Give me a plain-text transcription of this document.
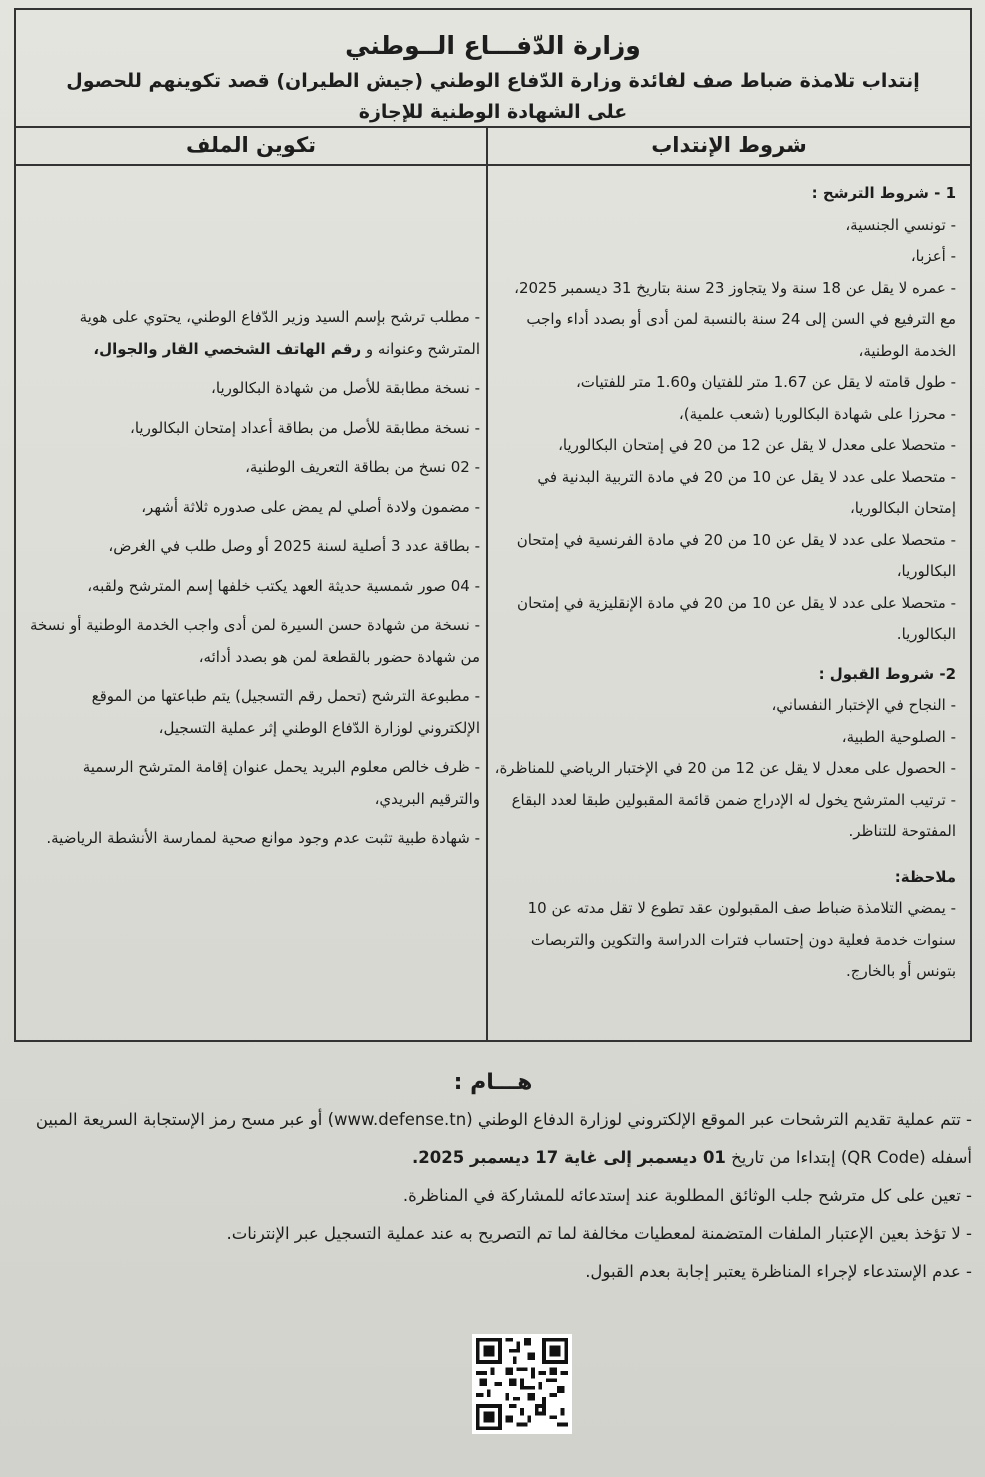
وزارة الدّفـــاع الــوطني
إنتداب تلامذة ضباط صف لفائدة وزارة الدّفاع الوطني (جيش الطيران) قصد تكوينهم للحصول على الشهادة الوطنية للإجازة
شروط الإنتداب
تكوين الملف

1 - شروط الترشح :

- تونسي الجنسية،

- أعزبا،

- عمره لا يقل عن 18 سنة ولا يتجاوز 23 سنة بتاريخ 31 ديسمبر 2025، مع الترفيع في السن إلى 24 سنة بالنسبة لمن أدى أو بصدد أداء واجب الخدمة الوطنية،

- طول قامته لا يقل عن 1.67 متر للفتيان و1.60 متر للفتيات،

- محرزا على شهادة البكالوريا (شعب علمية)،

- متحصلا على معدل لا يقل عن 12 من 20 في إمتحان البكالوريا،

- متحصلا على عدد لا يقل عن 10 من 20 في مادة التربية البدنية في إمتحان البكالوريا،

- متحصلا على عدد لا يقل عن 10 من 20 في مادة الفرنسية في إمتحان البكالوريا،

- متحصلا على عدد لا يقل عن 10 من 20 في مادة الإنقليزية في إمتحان البكالوريا.

2- شروط القبول :

- النجاح في الإختبار النفساني،

- الصلوحية الطبية،

- الحصول على معدل لا يقل عن 12 من 20 في الإختبار الرياضي للمناظرة،

- ترتيب المترشح يخول له الإدراج ضمن قائمة المقبولين طبقا لعدد البقاع المفتوحة للتناظر.

ملاحظة:

- يمضي التلامذة ضباط صف المقبولون عقد تطوع لا تقل مدته عن 10 سنوات خدمة فعلية دون إحتساب فترات الدراسة والتكوين والتربصات بتونس أو بالخارج.

- مطلب ترشح بإسم السيد وزير الدّفاع الوطني، يحتوي على هوية المترشح وعنوانه و رقم الهاتف الشخصي القار والجوال،

- نسخة مطابقة للأصل من شهادة البكالوريا،

- نسخة مطابقة للأصل من بطاقة أعداد إمتحان البكالوريا،

- 02 نسخ من بطاقة التعريف الوطنية،

- مضمون ولادة أصلي لم يمض على صدوره ثلاثة أشهر،

- بطاقة عدد 3 أصلية لسنة 2025 أو وصل طلب في الغرض،

- 04 صور شمسية حديثة العهد يكتب خلفها إسم المترشح ولقبه،

- نسخة من شهادة حسن السيرة لمن أدى واجب الخدمة الوطنية أو نسخة من شهادة حضور بالقطعة لمن هو بصدد أدائه،

- مطبوعة الترشح (تحمل رقم التسجيل) يتم طباعتها من الموقع الإلكتروني لوزارة الدّفاع الوطني إثر عملية التسجيل،

- ظرف خالص معلوم البريد يحمل عنوان إقامة المترشح الرسمية والترقيم البريدي،

- شهادة طبية تثبت عدم وجود موانع صحية لممارسة الأنشطة الرياضية.

هـــام :

- تتم عملية تقديم الترشحات عبر الموقع الإلكتروني لوزارة الدفاع الوطني (www.defense.tn) أو عبر مسح رمز الإستجابة السريعة المبين أسفله (QR Code) إبتداءا من تاريخ 01 ديسمبر إلى غاية 17 ديسمبر 2025.

- تعين على كل مترشح جلب الوثائق المطلوبة عند إستدعائه للمشاركة في المناظرة.

- لا تؤخذ بعين الإعتبار الملفات المتضمنة لمعطيات مخالفة لما تم التصريح به عند عملية التسجيل عبر الإنترنات.

- عدم الإستدعاء لإجراء المناظرة يعتبر إجابة بعدم القبول.
